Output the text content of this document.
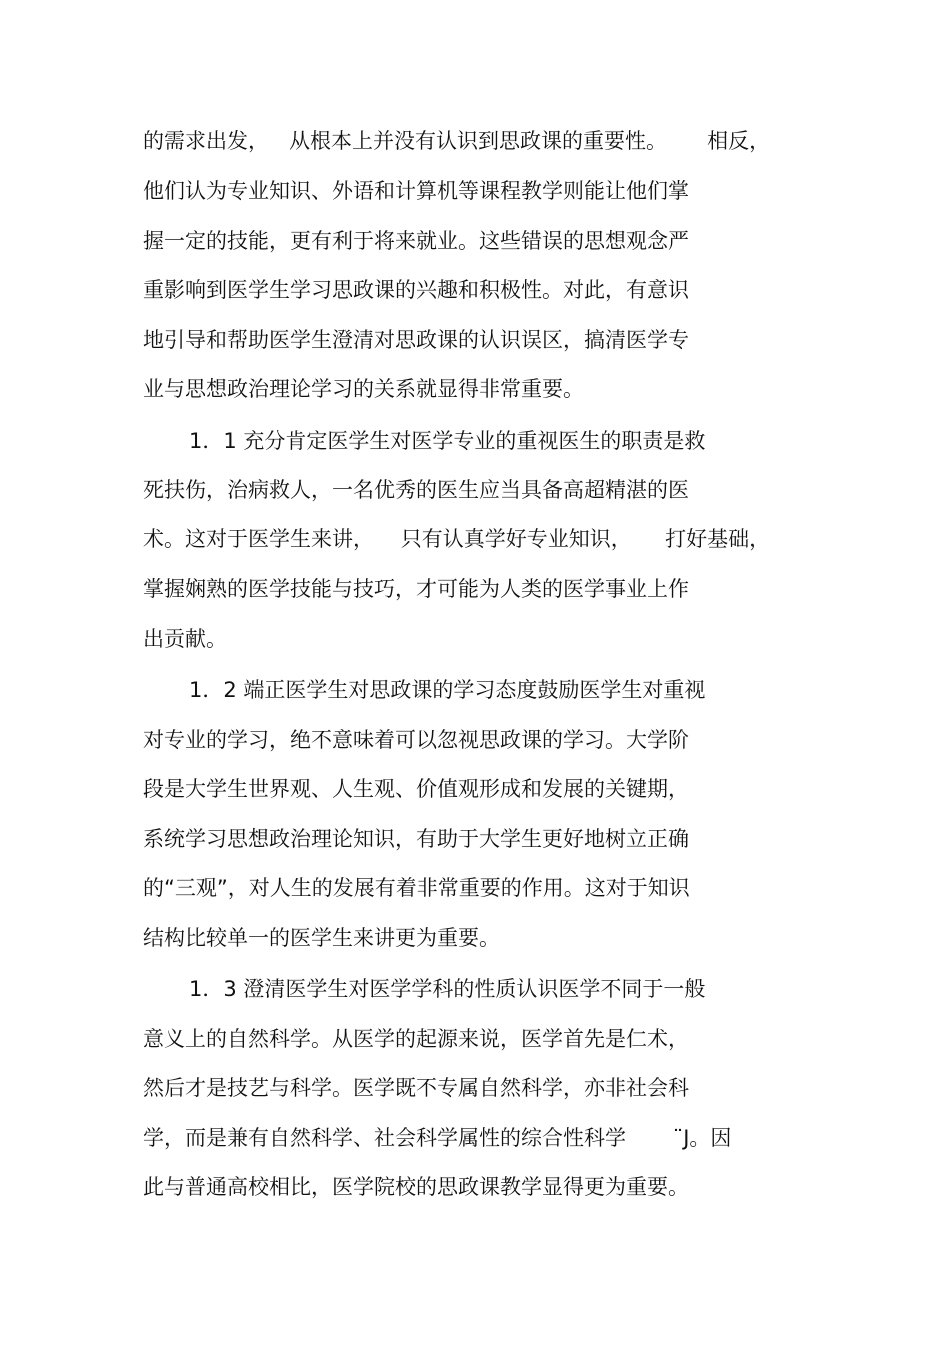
的需求出发，   从根本上并没有认识到思政课的重要性。      相反，
他们认为专业知识、外语和计算机等课程教学则能让他们掌
握一定的技能，更有利于将来就业。这些错误的思想观念严
重影响到医学生学习思政课的兴趣和积极性。对此，有意识
地引导和帮助医学生澄清对思政课的认识误区，搞清医学专
业与思想政治理论学习的关系就显得非常重要。
1．1 充分肯定医学生对医学专业的重视医生的职责是救
死扶伤，治病救人，一名优秀的医生应当具备高超精湛的医
术。这对于医学生来讲，    只有认真学好专业知识，     打好基础，
掌握娴熟的医学技能与技巧，才可能为人类的医学事业上作
出贡献。
1．2 端正医学生对思政课的学习态度鼓励医学生对重视
对专业的学习，绝不意味着可以忽视思政课的学习。大学阶
段是大学生世界观、人生观、价值观形成和发展的关键期，
系统学习思想政治理论知识，有助于大学生更好地树立正确
的“三观”，对人生的发展有着非常重要的作用。这对于知识
结构比较单一的医学生来讲更为重要。
1．3 澄清医学生对医学学科的性质认识医学不同于一般
意义上的自然科学。从医学的起源来说，医学首先是仁术，
然后才是技艺与科学。医学既不专属自然科学，亦非社会科
学，而是兼有自然科学、社会科学属性的综合性科学       ¨J。因
此与普通高校相比，医学院校的思政课教学显得更为重要。
